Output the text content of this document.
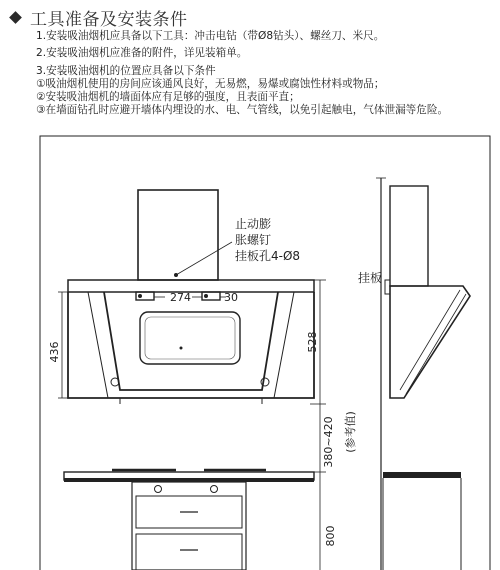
工具准备及安装条件
1.安装吸油烟机应具备以下工具：冲击电钻（带Ø8钻头）、螺丝刀、米尺。
2.安装吸油烟机应准备的附件，详见装箱单。
3.安装吸油烟机的位置应具备以下条件
①吸油烟机使用的房间应该通风良好，无易燃，易爆或腐蚀性材料或物品；
②安装吸油烟机的墙面体应有足够的强度，且表面平直；
③在墙面钻孔时应避开墙体内埋设的水、电、气管线，以免引起触电，气体泄漏等危险。
274	30
止动膨
胀螺钉
挂板孔4-Ø8
436	528
380~420 (参考值)
800
挂板
